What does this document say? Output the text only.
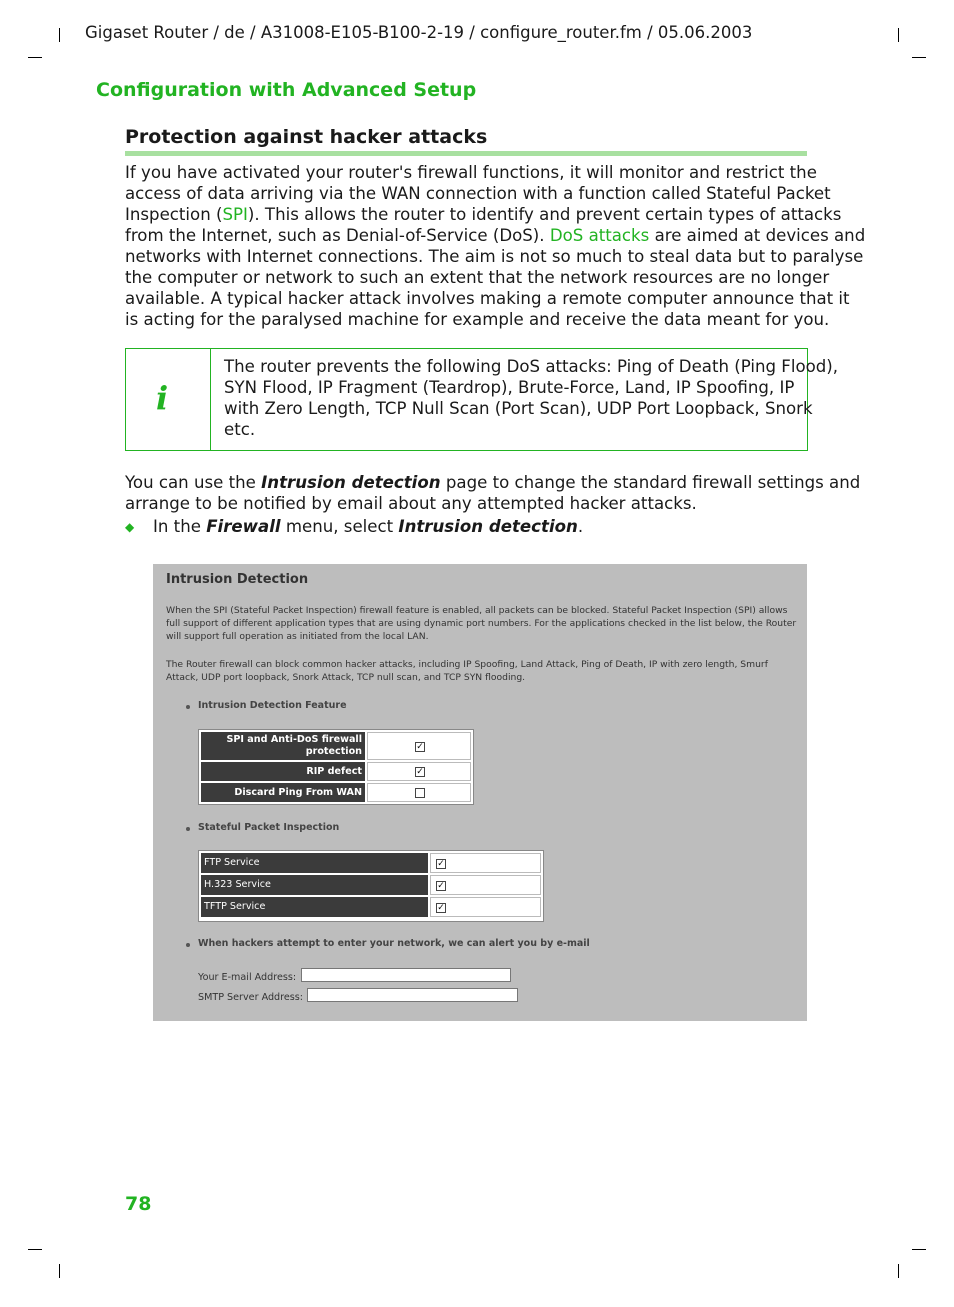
Gigaset Router / de / A31008-E105-B100-2-19 / configure_router.fm / 05.06.2003
Configuration with Advanced Setup
Protection against hacker attacks
If you have activated your router's firewall functions, it will monitor and restrict the
access of data arriving via the WAN connection with a function called Stateful Packet
Inspection (SPI). This allows the router to identify and prevent certain types of attacks
from the Internet, such as Denial-of-Service (DoS). DoS attacks are aimed at devices and
networks with Internet connections. The aim is not so much to steal data but to paralyse
the computer or network to such an extent that the network resources are no longer
available. A typical hacker attack involves making a remote computer announce that it
is acting for the paralysed machine for example and receive the data meant for you.
i
The router prevents the following DoS attacks: Ping of Death (Ping Flood),
SYN Flood, IP Fragment (Teardrop), Brute-Force, Land, IP Spoofing, IP
with Zero Length, TCP Null Scan (Port Scan), UDP Port Loopback, Snork
etc.
You can use the Intrusion detection page to change the standard firewall settings and
arrange to be notified by email about any attempted hacker attacks.
◆ In the Firewall menu, select Intrusion detection.
Intrusion Detection
When the SPI (Stateful Packet Inspection) firewall feature is enabled, all packets can be blocked. Stateful Packet Inspection (SPI) allows
full support of different application types that are using dynamic port numbers. For the applications checked in the list below, the Router
will support full operation as initiated from the local LAN.
The Router firewall can block common hacker attacks, including IP Spoofing, Land Attack, Ping of Death, IP with zero length, Smurf
Attack, UDP port loopback, Snork Attack, TCP null scan, and TCP SYN flooding.
Intrusion Detection Feature
SPI and Anti-DoS firewall
protection	✓
RIP defect	✓
Discard Ping From WAN
Stateful Packet Inspection
FTP Service	✓
H.323 Service	✓
TFTP Service	✓
When hackers attempt to enter your network, we can alert you by e-mail
Your E-mail Address:
SMTP Server Address:
78
